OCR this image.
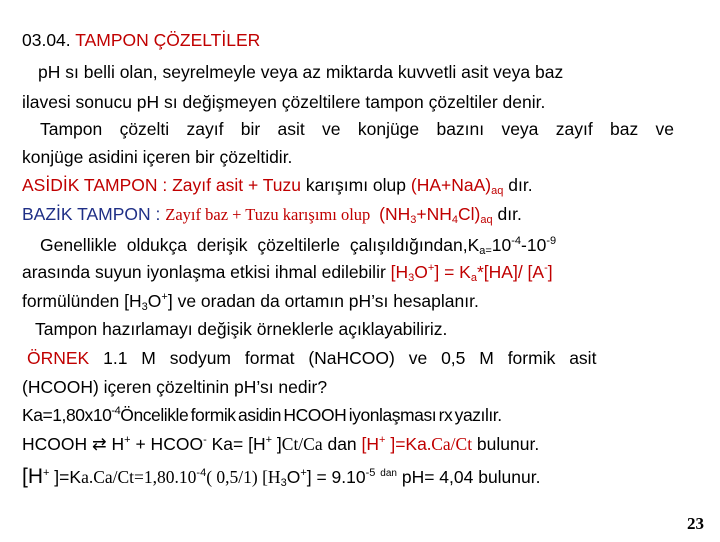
03.04. TAMPON ÇÖZELTİLER
pH sı belli olan, seyrelmeyle veya az miktarda kuvvetli asit veya baz
ilavesi sonucu pH sı değişmeyen çözeltilere tampon çözeltiler denir.
Tampon çözelti zayıf bir asit ve konjüge bazını veya zayıf baz ve
konjüge asidini içeren bir çözeltidir.
ASİDİK TAMPON : Zayıf asit + Tuzu karışımı olup $(HA+NaA)_{aq}$ dır.
BAZİK TAMPON : Zayıf baz + Tuzu karışımı olup $(NH_3+NH_4Cl)_{aq}$ dır.
Genellikle oldukça derişik çözeltilerle $çalışıldığından,K_{a=}10^{-4}-10^{-9}$
arasında suyun iyonlaşma etkisi ihmal edilebilir $[H_3O^+] = K_a*[HA]/$ [A-]
formülünden $[H_3O^+]$ ve oradan da ortamın pH’sı hesaplanır.
Tampon hazırlamayı değişik örneklerle açıklayabiliriz.
ÖRNEK 1.1 M sodyum format (NaHCOO) ve 0,5 M formik asit
(HCOOH) içeren çözeltinin pH’sı nedir?
$Ka=1,80x10^{-4}Öncelikle$ formik asidin HCOOH iyonlaşması rx yazılır.
HCOOH ⇄ H+ + HCOO- Ka= [H+ ]Ct/Ca dan [H+ ]=Ka.Ca/Ct bulunur.
[H+ ]$=Ka.Ca/Ct=1,80.10^{-4}$( 0,5/1) $[H_3O^+] = 9.10^{-5}$ $^{dan}$ pH= 4,04 bulunur.
23
